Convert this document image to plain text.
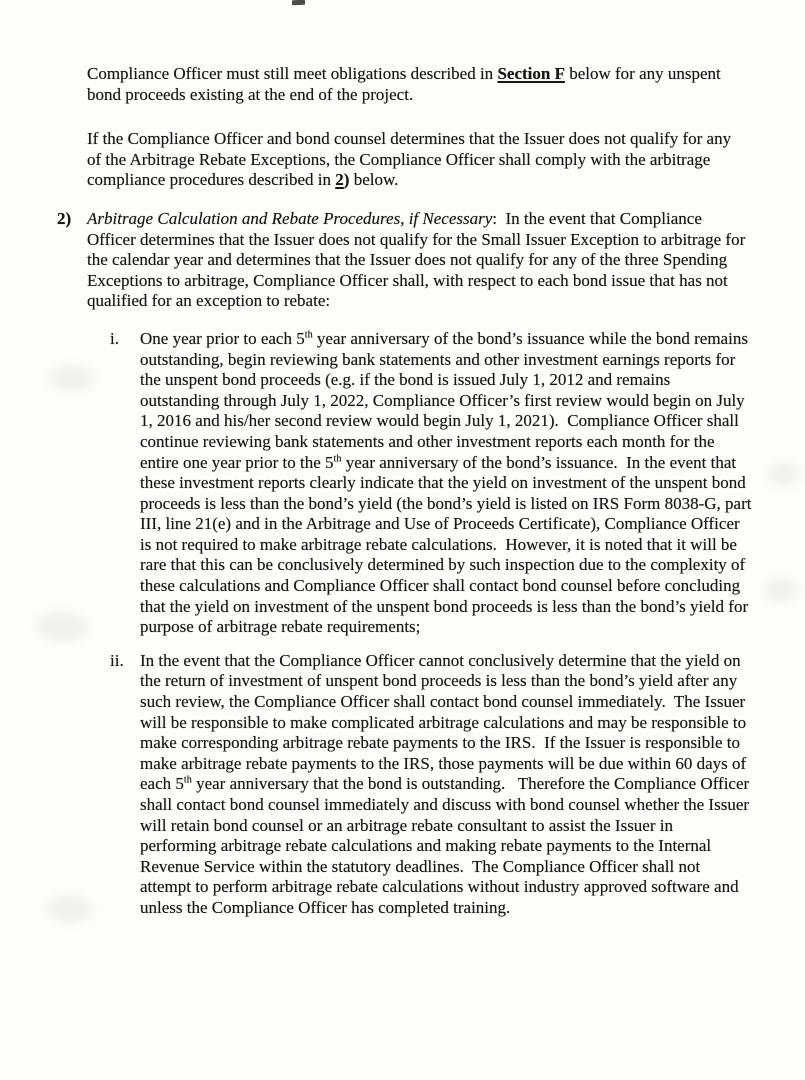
Compliance Officer must still meet obligations described in Section F below for any unspent bond proceeds existing at the end of the project.
If the Compliance Officer and bond counsel determines that the Issuer does not qualify for any of the Arbitrage Rebate Exceptions, the Compliance Officer shall comply with the arbitrage compliance procedures described in 2) below.
2) Arbitrage Calculation and Rebate Procedures, if Necessary:  In the event that Compliance Officer determines that the Issuer does not qualify for the Small Issuer Exception to arbitrage for the calendar year and determines that the Issuer does not qualify for any of the three Spending Exceptions to arbitrage, Compliance Officer shall, with respect to each bond issue that has not qualified for an exception to rebate:
i.	One year prior to each 5th year anniversary of the bond’s issuance while the bond remains outstanding, begin reviewing bank statements and other investment earnings reports for the unspent bond proceeds (e.g. if the bond is issued July 1, 2012 and remains outstanding through July 1, 2022, Compliance Officer’s first review would begin on July 1, 2016 and his/her second review would begin July 1, 2021).  Compliance Officer shall continue reviewing bank statements and other investment reports each month for the entire one year prior to the 5th year anniversary of the bond’s issuance.  In the event that these investment reports clearly indicate that the yield on investment of the unspent bond proceeds is less than the bond’s yield (the bond’s yield is listed on IRS Form 8038-G, part III, line 21(e) and in the Arbitrage and Use of Proceeds Certificate), Compliance Officer is not required to make arbitrage rebate calculations.  However, it is noted that it will be rare that this can be conclusively determined by such inspection due to the complexity of these calculations and Compliance Officer shall contact bond counsel before concluding that the yield on investment of the unspent bond proceeds is less than the bond’s yield for purpose of arbitrage rebate requirements;
ii. In the event that the Compliance Officer cannot conclusively determine that the yield on the return of investment of unspent bond proceeds is less than the bond’s yield after any such review, the Compliance Officer shall contact bond counsel immediately.  The Issuer will be responsible to make complicated arbitrage calculations and may be responsible to make corresponding arbitrage rebate payments to the IRS.  If the Issuer is responsible to make arbitrage rebate payments to the IRS, those payments will be due within 60 days of each 5th year anniversary that the bond is outstanding.   Therefore the Compliance Officer shall contact bond counsel immediately and discuss with bond counsel whether the Issuer will retain bond counsel or an arbitrage rebate consultant to assist the Issuer in performing arbitrage rebate calculations and making rebate payments to the Internal Revenue Service within the statutory deadlines.  The Compliance Officer shall not attempt to perform arbitrage rebate calculations without industry approved software and unless the Compliance Officer has completed training.
